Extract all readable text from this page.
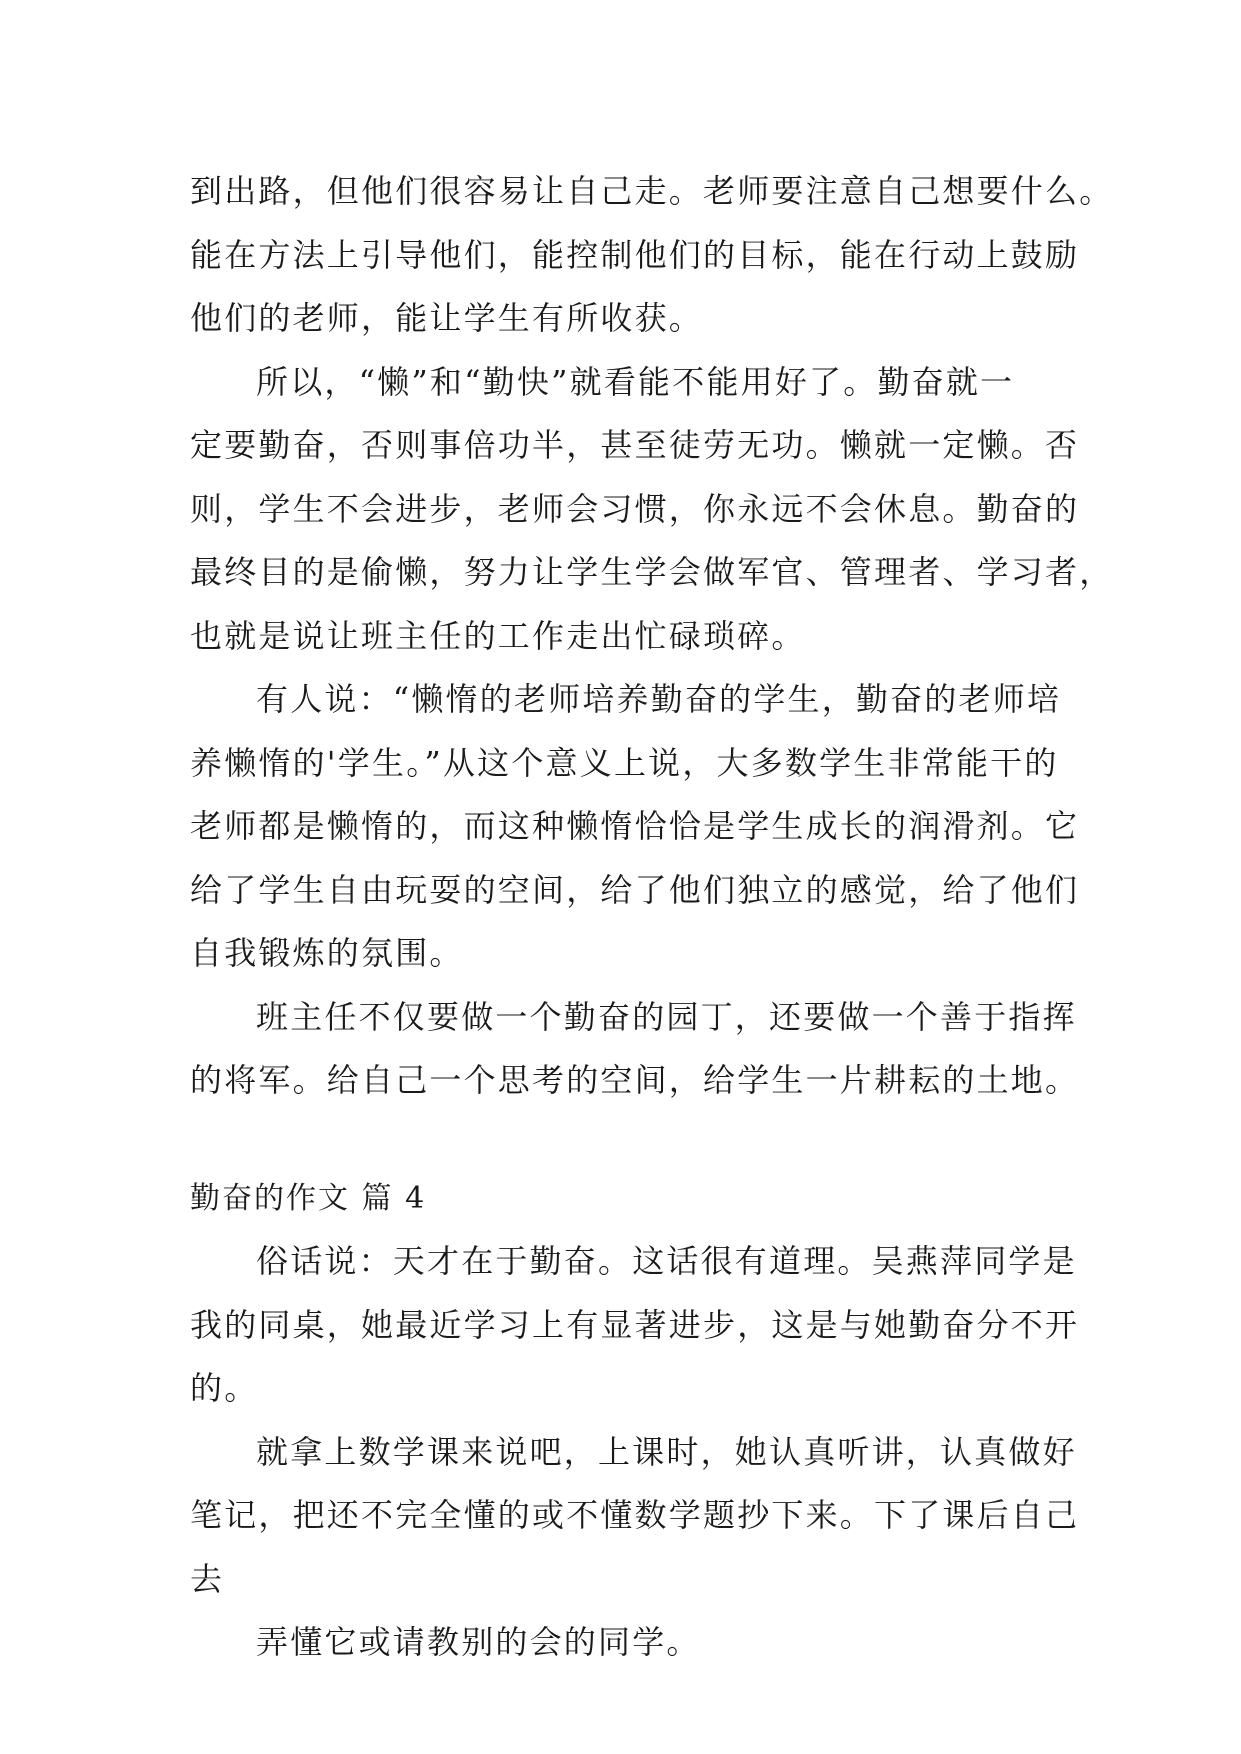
到出路，但他们很容易让自己走。老师要注意自己想要什么。
能在方法上引导他们，能控制他们的目标，能在行动上鼓励
他们的老师，能让学生有所收获。

所以，“懒”和“勤快”就看能不能用好了。勤奋就一
定要勤奋，否则事倍功半，甚至徒劳无功。懒就一定懒。否
则，学生不会进步，老师会习惯，你永远不会休息。勤奋的
最终目的是偷懒，努力让学生学会做军官、管理者、学习者，
也就是说让班主任的工作走出忙碌琐碎。

有人说：“懒惰的老师培养勤奋的学生，勤奋的老师培
养懒惰的'学生。”从这个意义上说，大多数学生非常能干的
老师都是懒惰的，而这种懒惰恰恰是学生成长的润滑剂。它
给了学生自由玩耍的空间，给了他们独立的感觉，给了他们
自我锻炼的氛围。

班主任不仅要做一个勤奋的园丁，还要做一个善于指挥
的将军。给自己一个思考的空间，给学生一片耕耘的土地。

勤奋的作文 篇 4

俗话说：天才在于勤奋。这话很有道理。吴燕萍同学是
我的同桌，她最近学习上有显著进步，这是与她勤奋分不开
的。

就拿上数学课来说吧，上课时，她认真听讲，认真做好
笔记，把还不完全懂的或不懂数学题抄下来。下了课后自己
去

弄懂它或请教别的会的同学。
